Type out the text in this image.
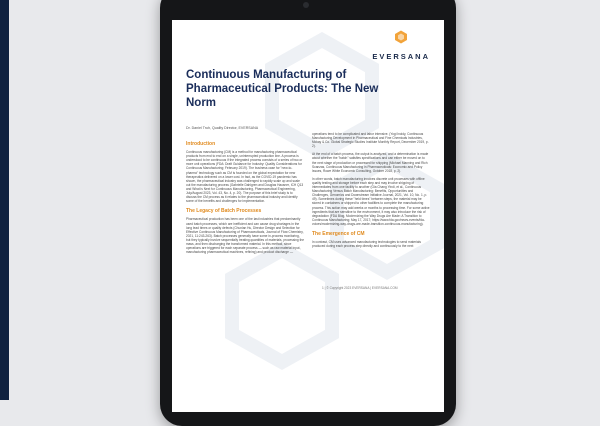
EVERSANA
Continuous Manufacturing of Pharmaceutical Products: The New Norm
Dr. Daniel Truh, Quality Director, EVERSANA
Introduction

Continuous manufacturing (CM) is a method for manufacturing pharmaceutical products from end to end on a single, uninterrupted production line. A process is understood to be continuous if the integrated process consists of a series of two or more unit operations (FDA: Draft Guidance for Industry: Quality Considerations for Continuous Manufacturing; February 2019). The business case for "new-to-pharma" technology such as CM is founded on the global expectation for new therapeutics delivered on a lower cost. In fact, as the COVID-19 pandemic has shown, the pharmaceutical industry was challenged to rapidly scale up and scale out the manufacturing process (Gabrielle Dahlgren and Douglas Hausner, ICH Q13 and What is Next for Continuous Manufacturing, Pharmaceutical Engineering, July/August 2023, Vol. 43, No. 4, p. 20). The purpose of this brief study is to discuss the CM process as it relates to the pharmaceutical industry and identify some of the benefits and challenges for implementation.

The Legacy of Batch Processes

Pharmaceutical production has been one of the last industries that predominantly used batch processes, which are inefficient and can cause drug shortages in the long lead times or quality defects (Chunlan Hu, Director Design and Selection for Effective Continuous Manufacturing of Pharmaceuticals, Journal of Flow Chemistry, 2021, 11:243-263). Batch processes generally have some in-process monitoring, but they typically involve sequentially treating quantities of materials, processing the mass, and then discharging the transformed material. In this method, since operations are triggered for each separate process — such as raw material input, manufacturing pharmaceutical machines, refining) and product discharge —

operations tend to be complicated and labor intensive. (Yogi Incidy, Continuous Manufacturing Development in Pharmaceutical and Fine Chemicals Industries, Mckay & Co. Global Strategic Studies Institute Monthly Report, December 2019, p. 2).

At the end of a batch process, the output is analyzed, and a determination is made about whether the "batch" satisfies specifications and can either be moved on to the next stage of production or processed for shipping (Michael Manning and Rich Scanzas, Continuous Manufacturing in Pharmaceuticals: Economic and Policy Issues, Rowe White Economic Consulting, October 2018, p. 2).

In other words, batch manufacturing involves discrete unit processes with offline quality testing and storage before each step and may involve shipping of intermediates from one facility to another (Gia Chang Yindi, et al., Continuous Manufacturing Versus Batch Manufacturing: Benefits, Opportunities and Challenges, Genomics and Downstream Initiative Journal, 2021, Vol. 10, No. 1, p. 49). Sometimes during these "held times" between steps, the material may be stored in containers or shipped to other facilities to complete the manufacturing process. This action may add weeks or months to processing time. For some active ingredients that are sensitive to the environment, it may also introduce the risk of degradation (FDA Blog, Modernizing the Way Drugs Are Made: A Transition to Continuous Manufacturing; May 17, 2017; https://www.fda.gov/news-events/fda-voices/modernizing-way-drugs-are-made-transition-continuous-manufacturing).

The Emergence of CM

In contrast, CM uses advanced manufacturing technologies to send materials produced during each process step directly and continuously to the next

1 | © Copyright 2023 EVERSANA | EVERSANA.COM
